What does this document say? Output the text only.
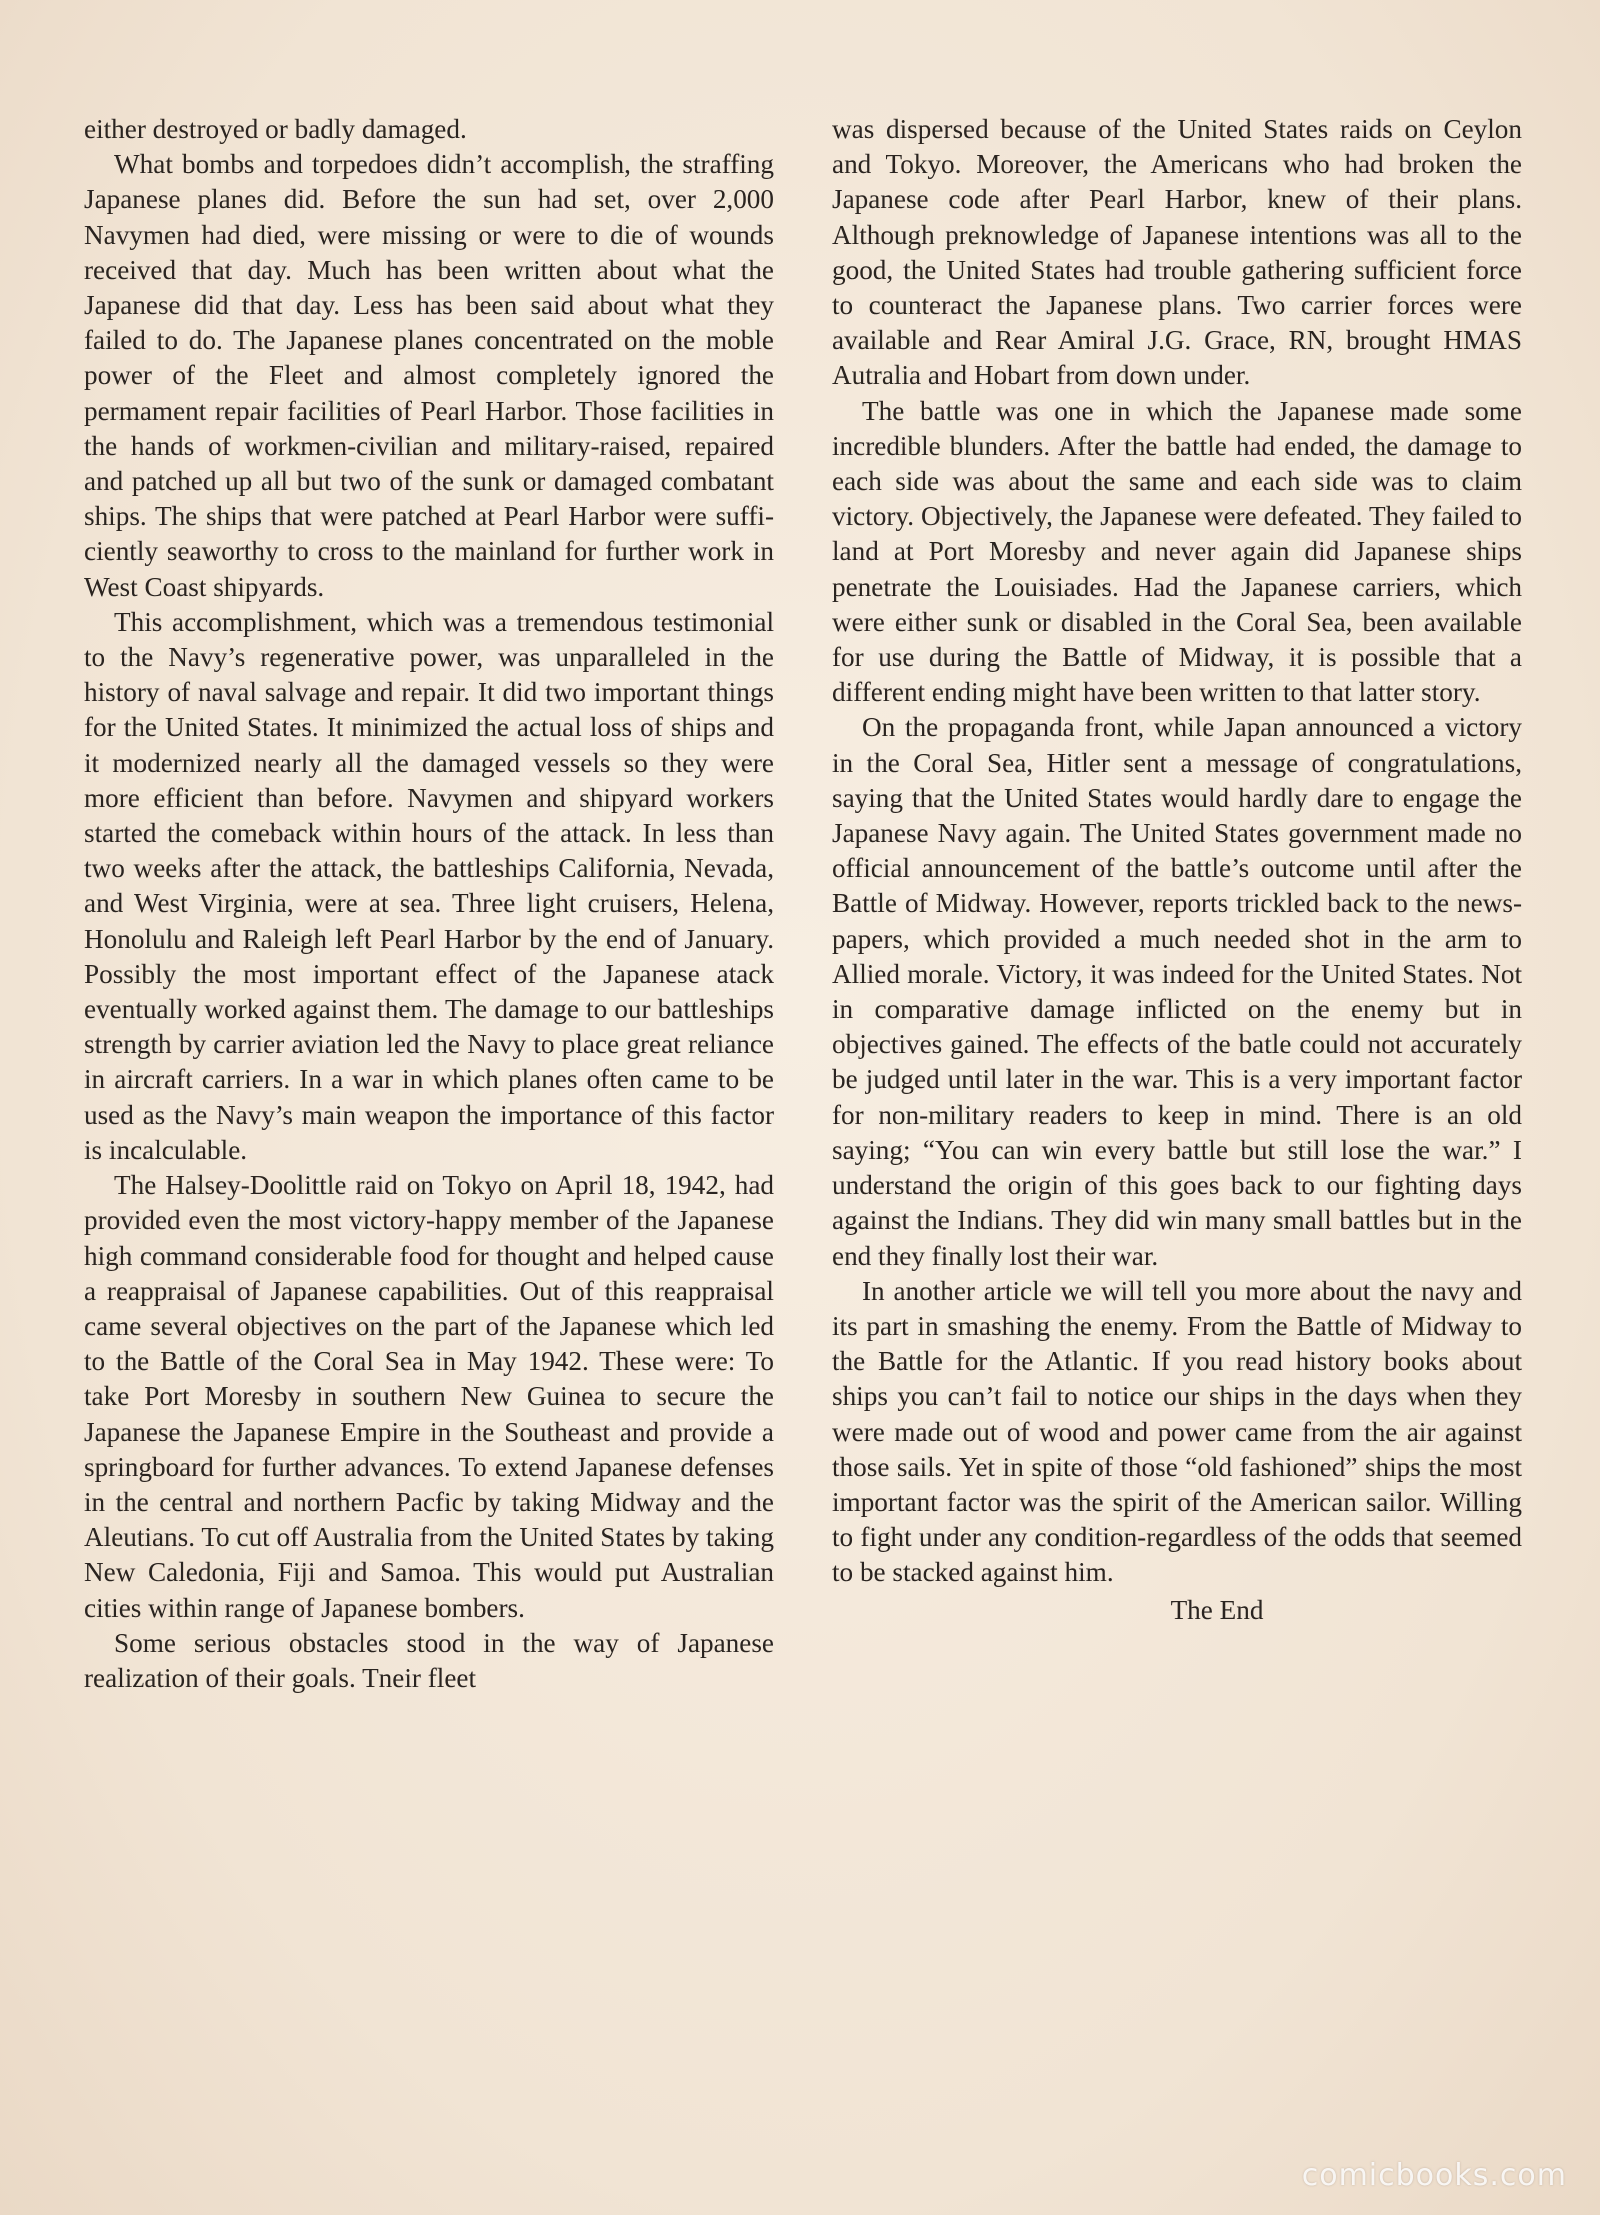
either destroyed or badly damaged.

What bombs and torpedoes didn’t accomplish, the straffing Japanese planes did. Before the sun had set, over 2,000 Navymen had died, were missing or were to die of wounds received that day. Much has been written about what the Japanese did that day. Less has been said about what they failed to do. The Japanese planes concentrated on the moble power of the Fleet and almost completely ignored the permament repair facilities of Pearl Harbor. Those facilities in the hands of workmen-civilian and military-raised, repaired and patched up all but two of the sunk or damaged combatant ships. The ships that were patched at Pearl Harbor were sufficiently seaworthy to cross to the mainland for further work in West Coast shipyards.

This accomplishment, which was a tremendous testimonial to the Navy’s regenerative power, was unparalleled in the history of naval salvage and repair. It did two important things for the United States. It minimized the actual loss of ships and it modernized nearly all the damaged vessels so they were more efficient than before. Navymen and shipyard workers started the comeback within hours of the attack. In less than two weeks after the attack, the battleships California, Nevada, and West Virginia, were at sea. Three light cruisers, Helena, Honolulu and Raleigh left Pearl Harbor by the end of January. Possibly the most important effect of the Japanese atack eventually worked against them. The damage to our battleships strength by carrier aviation led the Navy to place great reliance in aircraft carriers. In a war in which planes often came to be used as the Navy’s main weapon the importance of this factor is incalculable.

The Halsey-Doolittle raid on Tokyo on April 18, 1942, had provided even the most victory-happy member of the Japanese high command considerable food for thought and helped cause a reappraisal of Japanese capabilities. Out of this reappraisal came several objectives on the part of the Japanese which led to the Battle of the Coral Sea in May 1942. These were: To take Port Moresby in southern New Guinea to secure the Japanese the Japanese Empire in the Southeast and provide a springboard for further advances. To extend Japanese defenses in the central and northern Pacfic by taking Midway and the Aleutians. To cut off Australia from the United States by taking New Caledonia, Fiji and Samoa. This would put Australian cities within range of Japanese bombers.

Some serious obstacles stood in the way of Japanese realization of their goals. Tneir fleet

was dispersed because of the United States raids on Ceylon and Tokyo. Moreover, the Americans who had broken the Japanese code after Pearl Harbor, knew of their plans. Although preknowledge of Japanese intentions was all to the good, the United States had trouble gathering sufficient force to counteract the Japanese plans. Two carrier forces were available and Rear Amiral J.G. Grace, RN, brought HMAS Autralia and Hobart from down under.

The battle was one in which the Japanese made some incredible blunders. After the battle had ended, the damage to each side was about the same and each side was to claim victory. Objectively, the Japanese were defeated. They failed to land at Port Moresby and never again did Japanese ships penetrate the Louisiades. Had the Japanese carriers, which were either sunk or disabled in the Coral Sea, been available for use during the Battle of Midway, it is possible that a different ending might have been written to that latter story.

On the propaganda front, while Japan announced a victory in the Coral Sea, Hitler sent a message of congratulations, saying that the United States would hardly dare to engage the Japanese Navy again. The United States government made no official announcement of the battle’s outcome until after the Battle of Midway. However, reports trickled back to the newspapers, which provided a much needed shot in the arm to Allied morale. Victory, it was indeed for the United States. Not in comparative damage inflicted on the enemy but in objectives gained. The effects of the batle could not accurately be judged until later in the war. This is a very important factor for non-military readers to keep in mind. There is an old saying; “You can win every battle but still lose the war.” I understand the origin of this goes back to our fighting days against the Indians. They did win many small battles but in the end they finally lost their war.

In another article we will tell you more about the navy and its part in smashing the enemy. From the Battle of Midway to the Battle for the Atlantic. If you read history books about ships you can’t fail to notice our ships in the days when they were made out of wood and power came from the air against those sails. Yet in spite of those “old fashioned” ships the most important factor was the spirit of the American sailor. Willing to fight under any condition-regardless of the odds that seemed to be stacked against him.

The End

comicbooks.com
